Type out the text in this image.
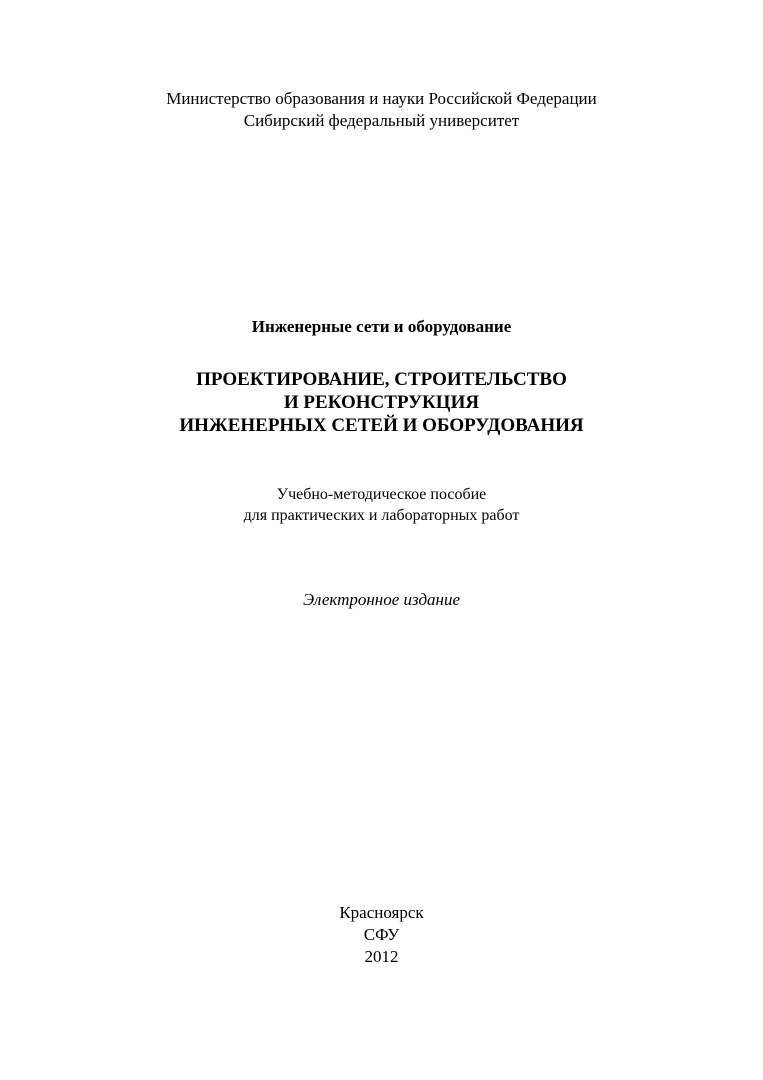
Министерство образования и науки Российской Федерации
Сибирский федеральный университет
Инженерные сети и оборудование
ПРОЕКТИРОВАНИЕ, СТРОИТЕЛЬСТВО
И РЕКОНСТРУКЦИЯ
ИНЖЕНЕРНЫХ СЕТЕЙ И ОБОРУДОВАНИЯ
Учебно-методическое пособие
для практических и лабораторных работ
Электронное издание
Красноярск
СФУ
2012
